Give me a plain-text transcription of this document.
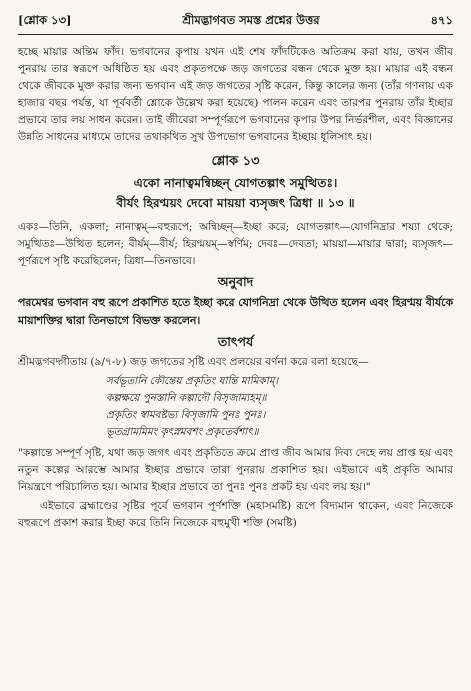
[শ্লোক ১৩]	শ্রীমদ্ভাগবত সমস্ত প্রশ্নের উত্তর	৪৭১

হচ্ছে মায়ার অন্তিম ফাঁদ। ভগবানের কৃপায় যখন এই শেষ ফাঁদটিকেও অতিক্রম করা যায়, তখন জীব পুনরায় তার স্বরূপে অধিষ্ঠিত হয় এবং প্রকৃতপক্ষে জড় জগতের বন্ধন থেকে মুক্ত হয়। মায়ার এই বন্ধন থেকে জীবকে মুক্ত করার জন্য ভগবান এই জড় জগতের সৃষ্টি করেন, কিন্তু কালের জন্য (তাঁর গণনায় এক হাজার বছর পর্যন্ত, যা পূর্ববর্তী শ্লোকে উল্লেখ করা হয়েছে) পালন করেন এবং তারপর পুনরায় তাঁর ইচ্ছার প্রভাবে তার লয় সাধন করেন। তাই জীবেরা সম্পূর্ণরূপে ভগবানের কৃপার উপর নির্ভরশীল, এবং বিজ্ঞানের উন্নতি সাধনের মাধ্যমে তাদের তথাকথিত সুখ উপভোগ ভগবানের ইচ্ছায় ধূলিসাৎ হয়।

শ্লোক ১৩
একো নানাত্বমন্বিচ্ছন্ যোগতল্পাৎ সমুত্থিতঃ।
বীর্যং হিরণ্ময়ং দেবো মায়য়া ব্যসৃজৎ ত্রিধা ॥ ১৩ ॥

একঃ—তিনি, একলা; নানাত্বম্—বহুরূপে; অন্বিচ্ছন্—ইচ্ছা করে; যোগতল্পাৎ—যোগনিদ্রার শয্যা থেকে; সমুত্থিতঃ—উত্থিত হলেন; বীর্যম্—বীর্য; হিরণ্ময়ম্—স্বর্ণিম; দেবঃ—দেবতা; মায়য়া—মায়ার দ্বারা; ব্যসৃজৎ—পূর্ণরূপে সৃষ্টি করেছিলেন; ত্রিধা—তিনভাবে।

অনুবাদ

পরমেশ্বর ভগবান বহু রূপে প্রকাশিত হতে ইচ্ছা করে যোগনিদ্রা থেকে উত্থিত হলেন এবং হিরণ্ময় বীর্যকে মায়াশক্তির দ্বারা তিনভাগে বিভক্ত করলেন।

তাৎপর্য

শ্রীমদ্ভগবদ্গীতায় (৯/৭-৮) জড় জগতের সৃষ্টি এবং প্রলয়ের বর্ণনা করে বলা হয়েছে—

সর্বভূতানি কৌন্তেয় প্রকৃতিং যান্তি মামিকাম্।
কল্পক্ষয়ে পুনস্তানি কল্পাদৌ বিসৃজাম্যহম্॥
প্রকৃতিং স্বামবষ্টভ্য বিসৃজামি পুনঃ পুনঃ।
ভূতগ্রামমিমং কৃৎস্নমবশং প্রকৃতের্বশাৎ॥

"কল্পান্তে সম্পূর্ণ সৃষ্টি, যথা জড় জগৎ এবং প্রকৃতিতে ক্রমে প্রাপ্ত জীব আমার দিব্য দেহে লয় প্রাপ্ত হয় এবং নতুন কল্পের আরম্ভে আমার ইচ্ছার প্রভাবে তারা পুনরায় প্রকাশিত হয়। এইভাবে এই প্রকৃতি আমার নিয়ন্ত্রণে পরিচালিত হয়। আমার ইচ্ছার প্রভাবে তা পুনঃ পুনঃ প্রকট হয় এবং লয় হয়।"

এইভাবে ব্রহ্মাণ্ডের সৃষ্টির পূর্বে ভগবান পূর্ণশক্তি (মহাসমষ্টি) রূপে বিদ্যমান থাকেন, এবং নিজেকে বহুরূপে প্রকাশ করার ইচ্ছা করে তিনি নিজেকে বহুমুখী শক্তি (সমষ্টি)
